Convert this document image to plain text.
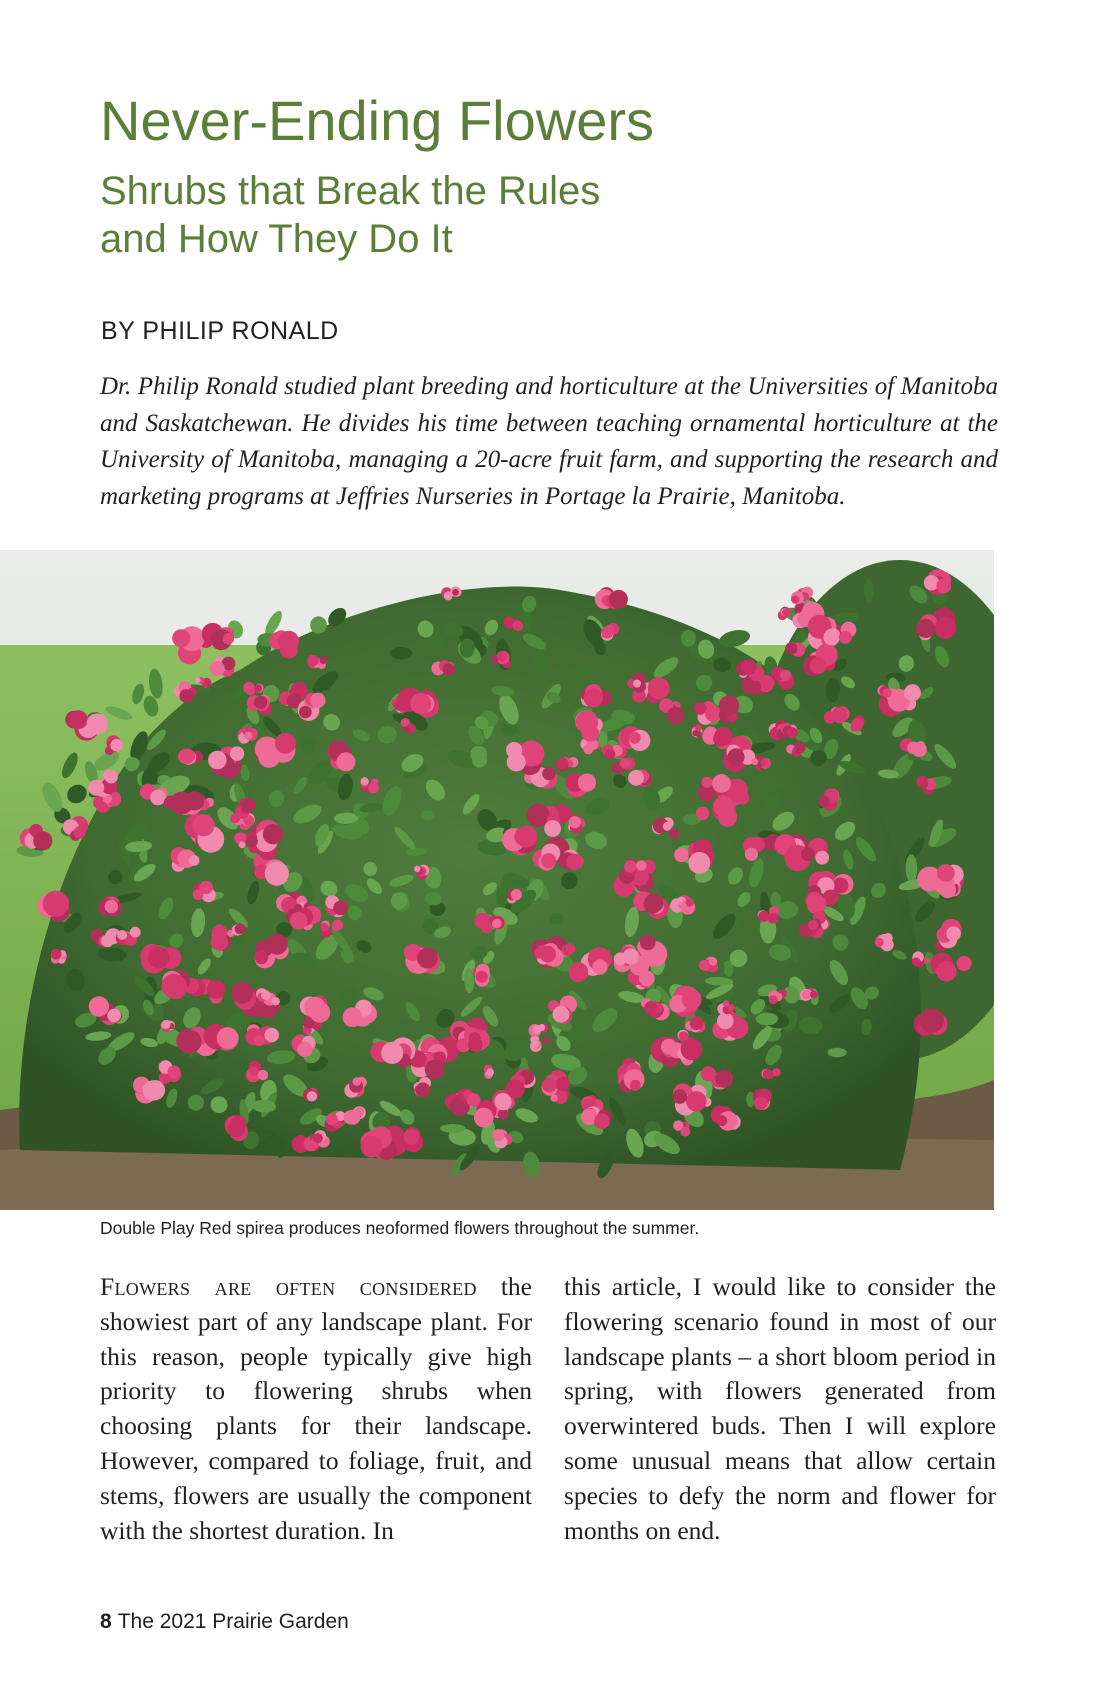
Never-Ending Flowers
Shrubs that Break the Rules
and How They Do It

BY PHILIP RONALD

Dr. Philip Ronald studied plant breeding and horticulture at the Universities of Manitoba and Saskatchewan. He divides his time between teaching ornamental horticulture at the University of Manitoba, managing a 20-acre fruit farm, and supporting the research and marketing programs at Jeffries Nurseries in Portage la Prairie, Manitoba.

Double Play Red spirea produces neoformed flowers throughout the summer.

Flowers are often considered the showiest part of any landscape plant. For this reason, people typically give high priority to flowering shrubs when choosing plants for their landscape. However, compared to foliage, fruit, and stems, flowers are usually the component with the shortest duration. In

this article, I would like to consider the flowering scenario found in most of our landscape plants – a short bloom period in spring, with flowers generated from overwintered buds. Then I will explore some unusual means that allow certain species to defy the norm and flower for months on end.

8 The 2021 Prairie Garden
